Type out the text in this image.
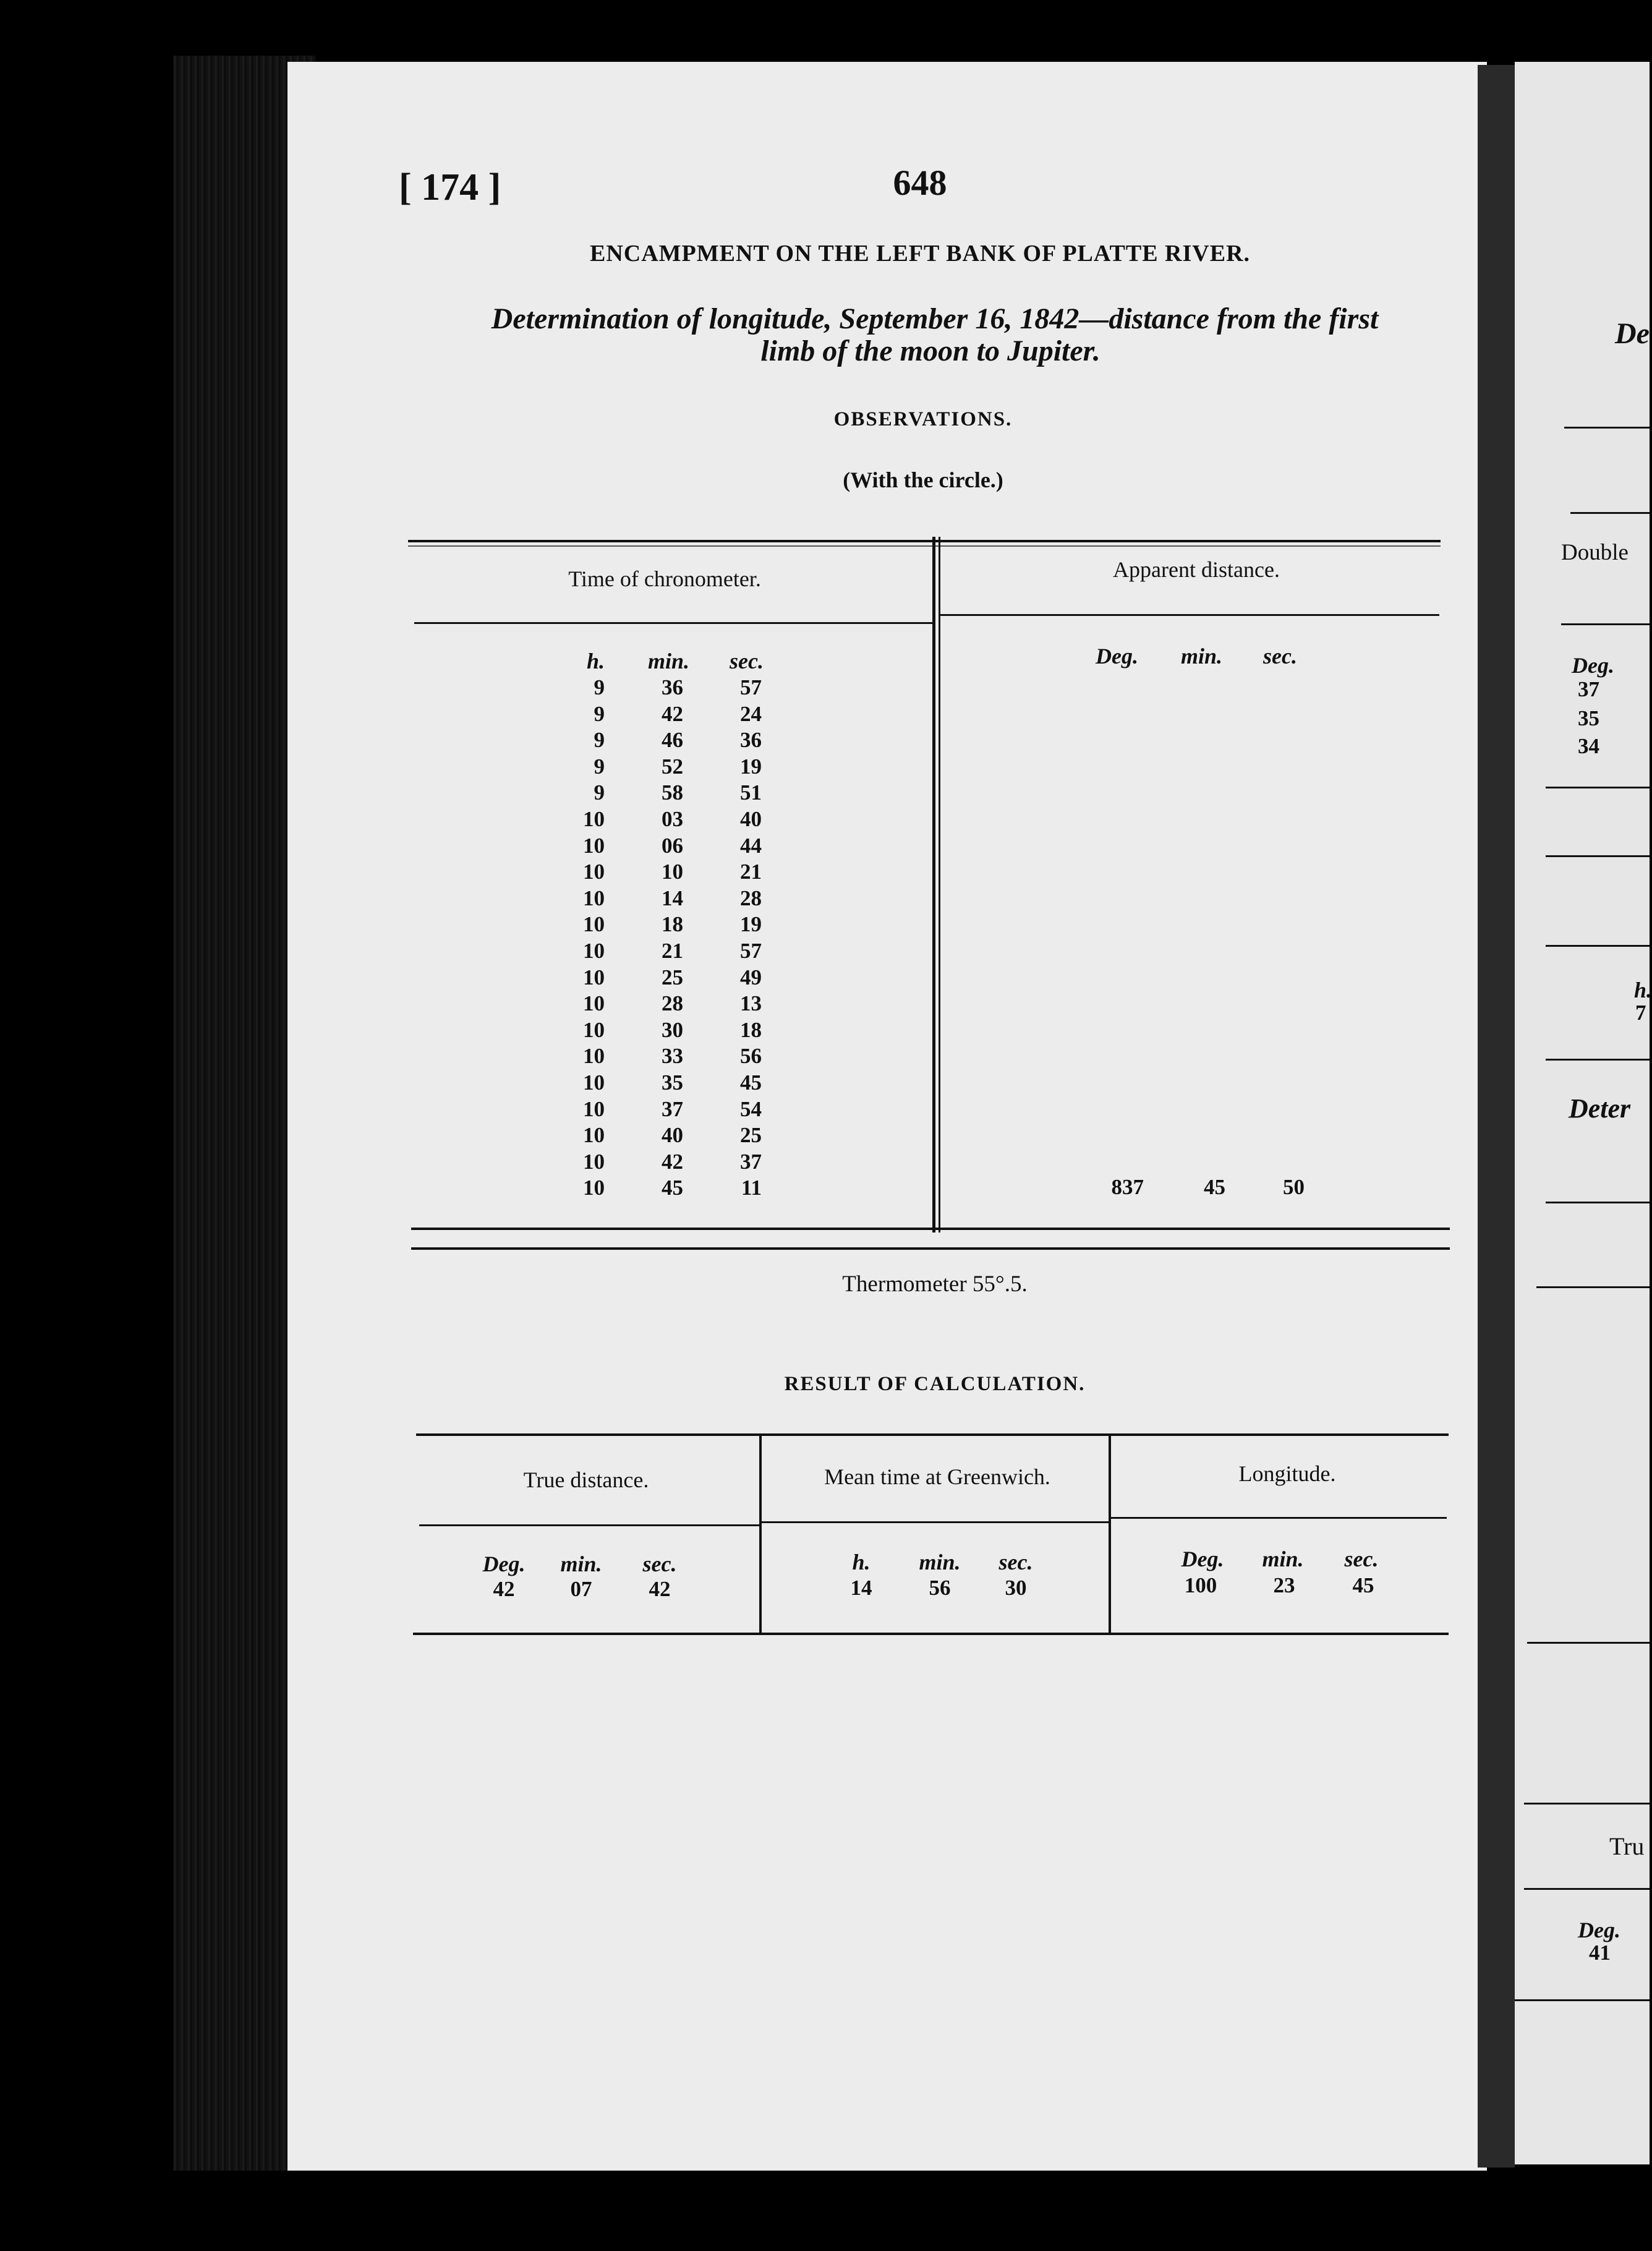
[ 174 ]	648
ENCAMPMENT ON THE LEFT BANK OF PLATTE RIVER.
Determination of longitude, September 16, 1842—distance from the first
limb of the moon to Jupiter.
OBSERVATIONS.
(With the circle.)
Time of chronometer.	Apparent distance.
h. min. sec.	Deg. min. sec.
9	36	57
9	42	24
9	46	36
9	52	19
9	58	51
10	03	40
10	06	44
10	10	21
10	14	28
10	18	19
10	21	57
10	25	49
10	28	13
10	30	18
10	33	56
10	35	45
10	37	54
10	40	25
10	42	37
10	45	11	837	45	50
Thermometer 55°.5.
RESULT OF CALCULATION.
True distance.	Mean time at Greenwich.	Longitude.
Deg. min. sec.
42	07	42
h. min. sec.
14	56	30
Deg. min. sec.
100	23	45
De
Double
Deg.
37
35
34
h.
7
Deter
Tru
Deg.
41
